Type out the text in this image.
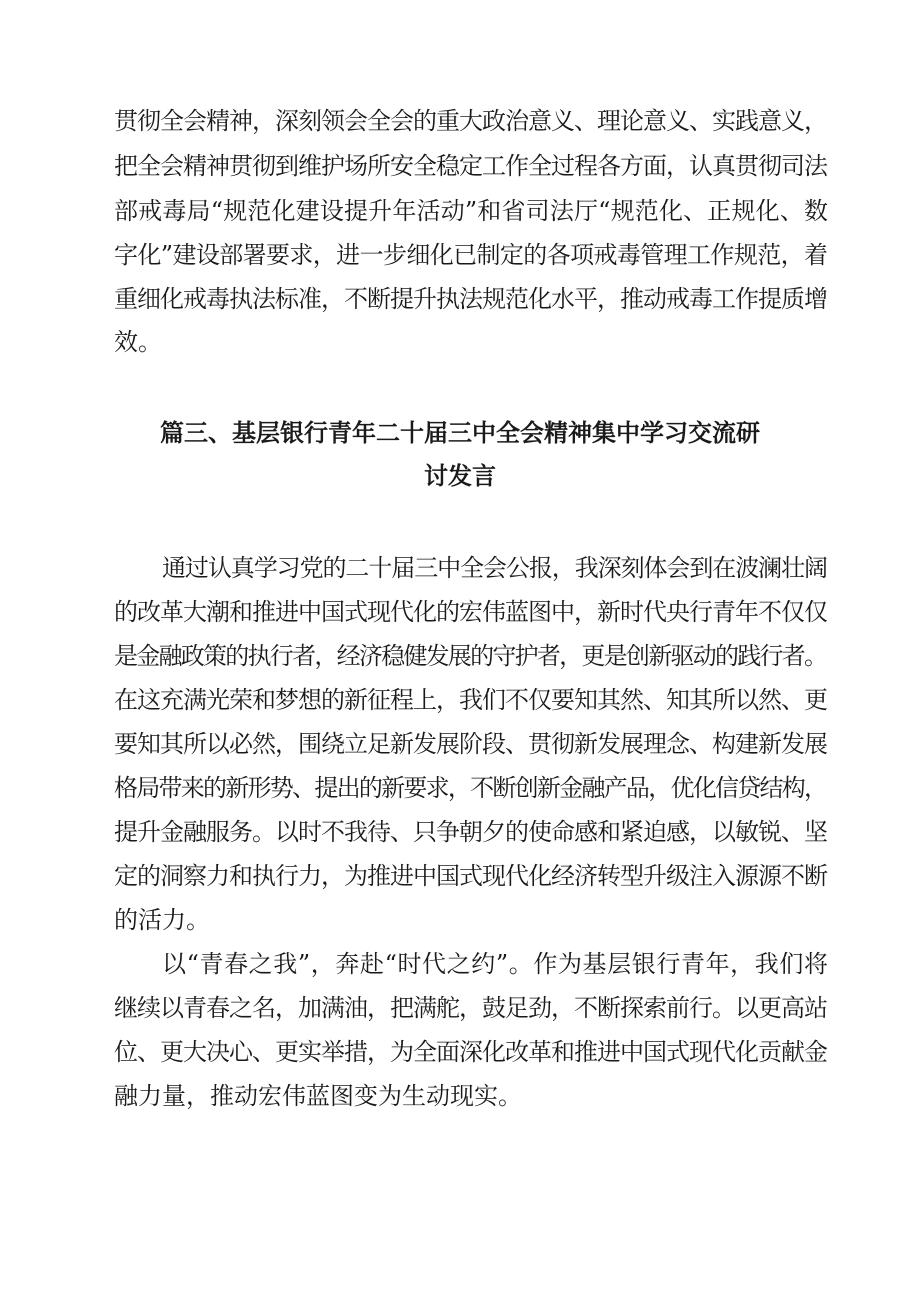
贯彻全会精神，深刻领会全会的重大政治意义、理论意义、实践意义，
把全会精神贯彻到维护场所安全稳定工作全过程各方面，认真贯彻司法
部戒毒局“规范化建设提升年活动”和省司法厅“规范化、正规化、数
字化”建设部署要求，进一步细化已制定的各项戒毒管理工作规范，着
重细化戒毒执法标准，不断提升执法规范化水平，推动戒毒工作提质增
效。
篇三、基层银行青年二十届三中全会精神集中学习交流研
讨发言
通过认真学习党的二十届三中全会公报，我深刻体会到在波澜壮阔
的改革大潮和推进中国式现代化的宏伟蓝图中，新时代央行青年不仅仅
是金融政策的执行者，经济稳健发展的守护者，更是创新驱动的践行者。
在这充满光荣和梦想的新征程上，我们不仅要知其然、知其所以然、更
要知其所以必然，围绕立足新发展阶段、贯彻新发展理念、构建新发展
格局带来的新形势、提出的新要求，不断创新金融产品，优化信贷结构，
提升金融服务。以时不我待、只争朝夕的使命感和紧迫感，以敏锐、坚
定的洞察力和执行力，为推进中国式现代化经济转型升级注入源源不断
的活力。
以“青春之我”，奔赴“时代之约”。作为基层银行青年，我们将
继续以青春之名，加满油，把满舵，鼓足劲，不断探索前行。以更高站
位、更大决心、更实举措，为全面深化改革和推进中国式现代化贡献金
融力量，推动宏伟蓝图变为生动现实。
